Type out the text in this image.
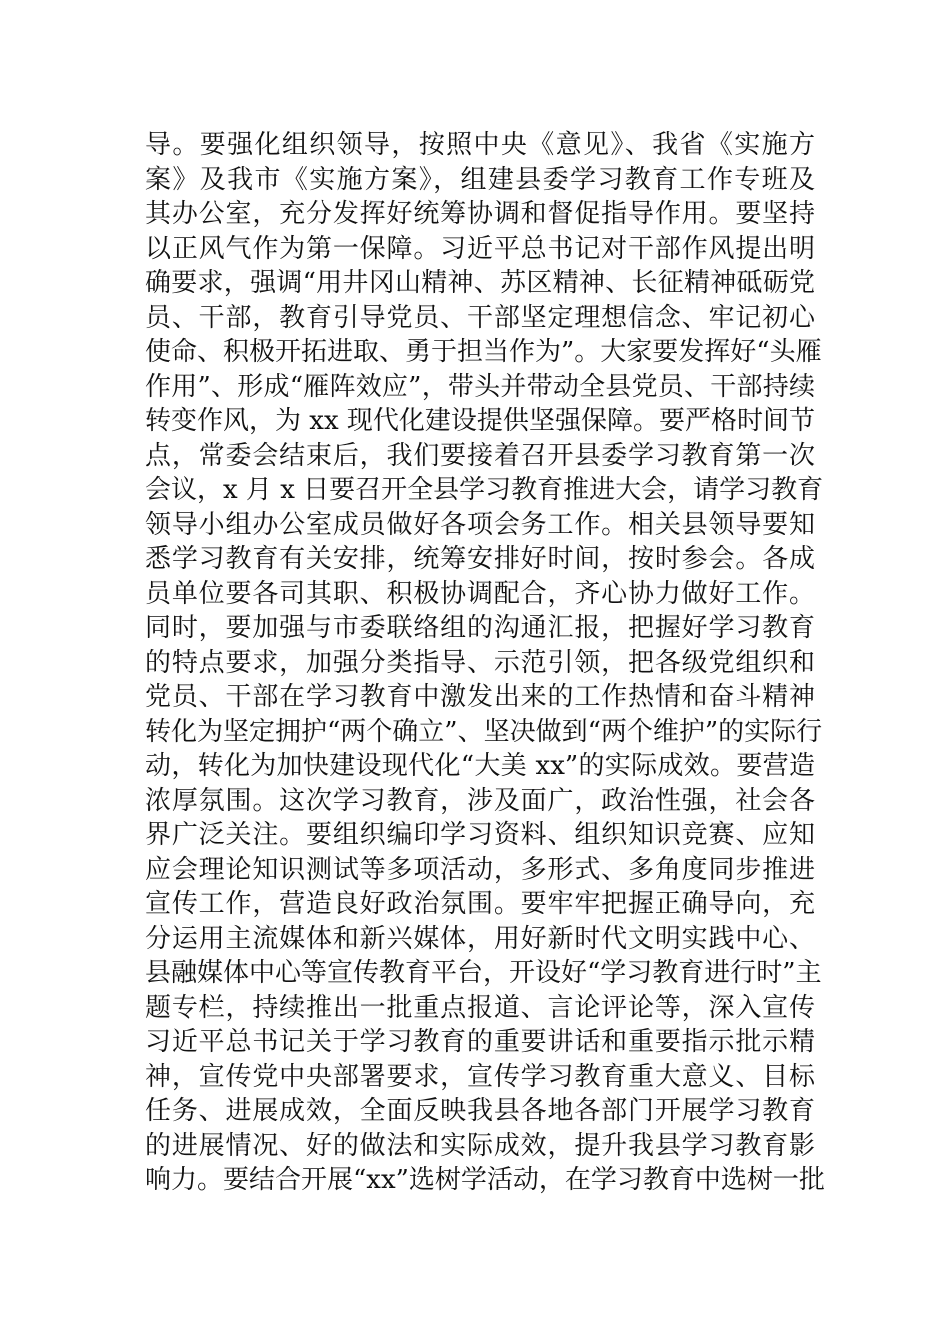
导。要强化组织领导，按照中央《意见》、我省《实施方
案》及我市《实施方案》，组建县委学习教育工作专班及
其办公室，充分发挥好统筹协调和督促指导作用。要坚持
以正风气作为第一保障。习近平总书记对干部作风提出明
确要求，强调“用井冈山精神、苏区精神、长征精神砥砺党
员、干部，教育引导党员、干部坚定理想信念、牢记初心
使命、积极开拓进取、勇于担当作为”。大家要发挥好“头雁
作用”、形成“雁阵效应”，带头并带动全县党员、干部持续
转变作风，为 xx 现代化建设提供坚强保障。要严格时间节
点，常委会结束后，我们要接着召开县委学习教育第一次
会议，x 月 x 日要召开全县学习教育推进大会，请学习教育
领导小组办公室成员做好各项会务工作。相关县领导要知
悉学习教育有关安排，统筹安排好时间，按时参会。各成
员单位要各司其职、积极协调配合，齐心协力做好工作。
同时，要加强与市委联络组的沟通汇报，把握好学习教育
的特点要求，加强分类指导、示范引领，把各级党组织和
党员、干部在学习教育中激发出来的工作热情和奋斗精神
转化为坚定拥护“两个确立”、坚决做到“两个维护”的实际行
动，转化为加快建设现代化“大美 xx”的实际成效。要营造
浓厚氛围。这次学习教育，涉及面广，政治性强，社会各
界广泛关注。要组织编印学习资料、组织知识竞赛、应知
应会理论知识测试等多项活动，多形式、多角度同步推进
宣传工作，营造良好政治氛围。要牢牢把握正确导向，充
分运用主流媒体和新兴媒体，用好新时代文明实践中心、
县融媒体中心等宣传教育平台，开设好“学习教育进行时”主
题专栏，持续推出一批重点报道、言论评论等，深入宣传
习近平总书记关于学习教育的重要讲话和重要指示批示精
神，宣传党中央部署要求，宣传学习教育重大意义、目标
任务、进展成效，全面反映我县各地各部门开展学习教育
的进展情况、好的做法和实际成效，提升我县学习教育影
响力。要结合开展“xx”选树学活动，在学习教育中选树一批
